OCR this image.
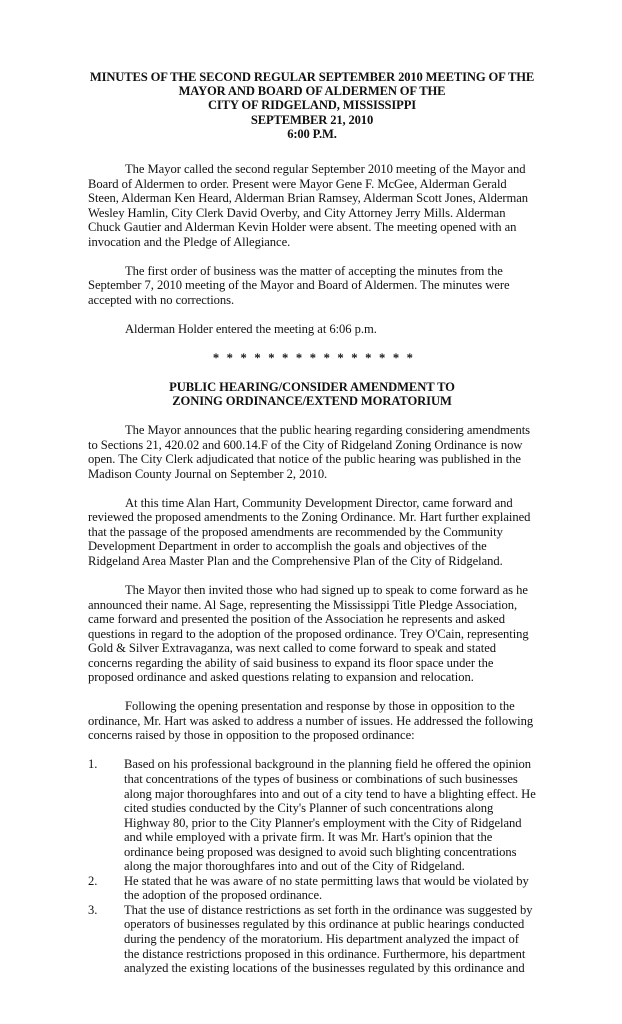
MINUTES OF THE SECOND REGULAR SEPTEMBER 2010 MEETING OF THE
MAYOR AND BOARD OF ALDERMEN OF THE
CITY OF RIDGELAND, MISSISSIPPI
SEPTEMBER 21, 2010
6:00 P.M.

The Mayor called the second regular September 2010 meeting of the Mayor and Board of Aldermen to order. Present were Mayor Gene F. McGee, Alderman Gerald Steen, Alderman Ken Heard, Alderman Brian Ramsey, Alderman Scott Jones, Alderman Wesley Hamlin, City Clerk David Overby, and City Attorney Jerry Mills. Alderman Chuck Gautier and Alderman Kevin Holder were absent. The meeting opened with an invocation and the Pledge of Allegiance.

The first order of business was the matter of accepting the minutes from the September 7, 2010 meeting of the Mayor and Board of Aldermen. The minutes were accepted with no corrections.

Alderman Holder entered the meeting at 6:06 p.m.

* * * * * * * * * * * * * * *
PUBLIC HEARING/CONSIDER AMENDMENT TO
ZONING ORDINANCE/EXTEND MORATORIUM

The Mayor announces that the public hearing regarding considering amendments to Sections 21, 420.02 and 600.14.F of the City of Ridgeland Zoning Ordinance is now open. The City Clerk adjudicated that notice of the public hearing was published in the Madison County Journal on September 2, 2010.

At this time Alan Hart, Community Development Director, came forward and reviewed the proposed amendments to the Zoning Ordinance. Mr. Hart further explained that the passage of the proposed amendments are recommended by the Community Development Department in order to accomplish the goals and objectives of the Ridgeland Area Master Plan and the Comprehensive Plan of the City of Ridgeland.

The Mayor then invited those who had signed up to speak to come forward as he announced their name. Al Sage, representing the Mississippi Title Pledge Association, came forward and presented the position of the Association he represents and asked questions in regard to the adoption of the proposed ordinance. Trey O'Cain, representing Gold & Silver Extravaganza, was next called to come forward to speak and stated concerns regarding the ability of said business to expand its floor space under the proposed ordinance and asked questions relating to expansion and relocation.

Following the opening presentation and response by those in opposition to the ordinance, Mr. Hart was asked to address a number of issues. He addressed the following concerns raised by those in opposition to the proposed ordinance:

1.	Based on his professional background in the planning field he offered the opinion that concentrations of the types of business or combinations of such businesses along major thoroughfares into and out of a city tend to have a blighting effect. He cited studies conducted by the City's Planner of such concentrations along Highway 80, prior to the City Planner's employment with the City of Ridgeland and while employed with a private firm. It was Mr. Hart's opinion that the ordinance being proposed was designed to avoid such blighting concentrations along the major thoroughfares into and out of the City of Ridgeland.
2.	He stated that he was aware of no state permitting laws that would be violated by the adoption of the proposed ordinance.
3.	That the use of distance restrictions as set forth in the ordinance was suggested by operators of businesses regulated by this ordinance at public hearings conducted during the pendency of the moratorium. His department analyzed the impact of the distance restrictions proposed in this ordinance. Furthermore, his department analyzed the existing locations of the businesses regulated by this ordinance and
